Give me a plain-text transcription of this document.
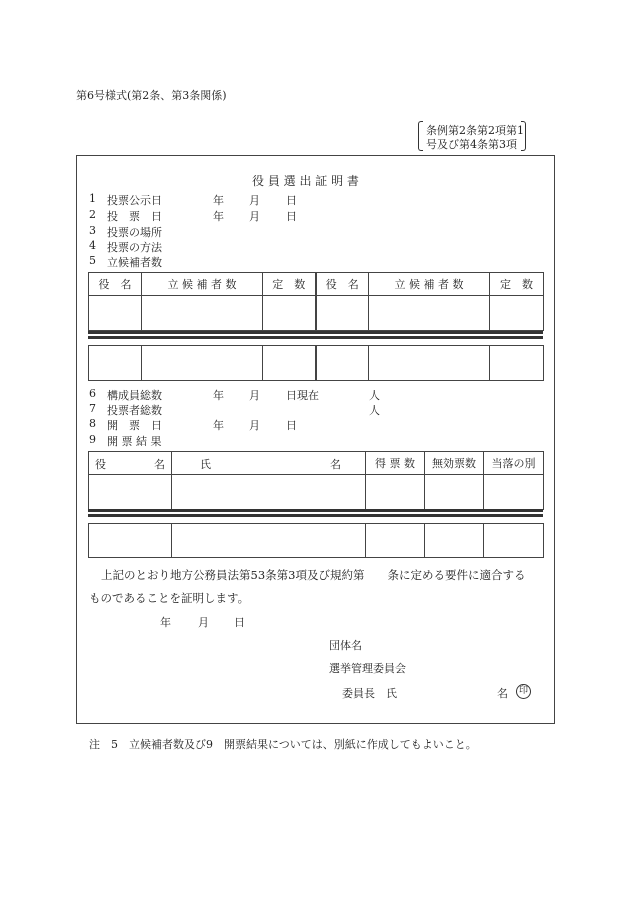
第6号様式(第2条、第3条関係)
条例第2条第2項第1
号及び第4条第3項
役 員 選 出 証 明 書
1 投票公示日	年 月 日
2 投　票　日	年 月 日
3 投票の場所
4 投票の方法
5 立候補者数
役　名	立 候 補 者 数	定　数	役　名	立 候 補 者 数	定　数

6 構成員総数	年 月 日現在	人
7 投票者総数	人
8 開　票　日	年 月 日
9 開 票 結 果
役 名	氏 名	得 票 数	無効票数	当落の別

上記のとおり地方公務員法第53条第3項及び規約第　　条に定める要件に適合する
ものであることを証明します。
年 月 日
団体名
選挙管理委員会
委員長　氏	名	印
注　5　立候補者数及び9　開票結果については、別紙に作成してもよいこと。
